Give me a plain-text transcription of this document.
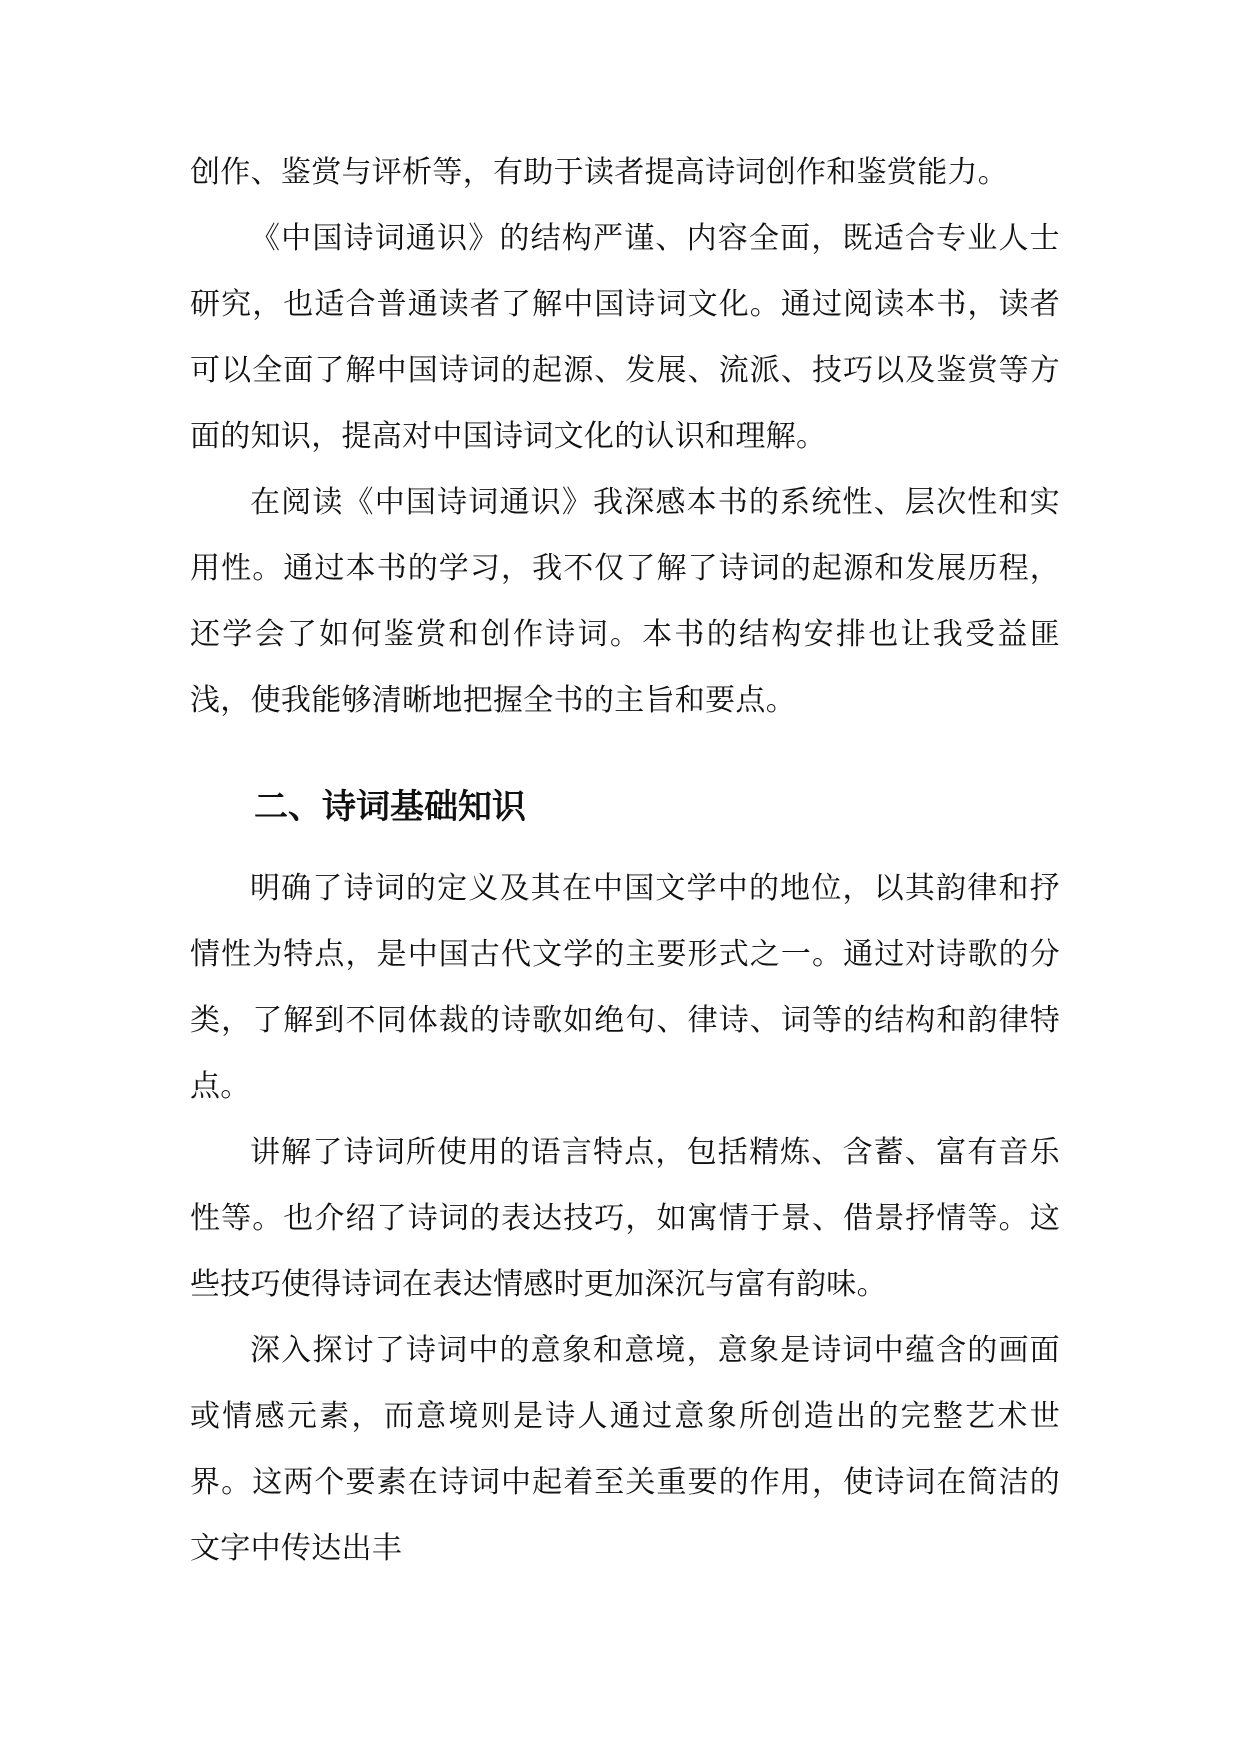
创作、鉴赏与评析等，有助于读者提高诗词创作和鉴赏能力。

《中国诗词通识》的结构严谨、内容全面，既适合专业人士研究，也适合普通读者了解中国诗词文化。通过阅读本书，读者可以全面了解中国诗词的起源、发展、流派、技巧以及鉴赏等方面的知识，提高对中国诗词文化的认识和理解。

在阅读《中国诗词通识》我深感本书的系统性、层次性和实用性。通过本书的学习，我不仅了解了诗词的起源和发展历程，还学会了如何鉴赏和创作诗词。本书的结构安排也让我受益匪浅，使我能够清晰地把握全书的主旨和要点。

二、诗词基础知识

明确了诗词的定义及其在中国文学中的地位，以其韵律和抒情性为特点，是中国古代文学的主要形式之一。通过对诗歌的分类，了解到不同体裁的诗歌如绝句、律诗、词等的结构和韵律特点。

讲解了诗词所使用的语言特点，包括精炼、含蓄、富有音乐性等。也介绍了诗词的表达技巧，如寓情于景、借景抒情等。这些技巧使得诗词在表达情感时更加深沉与富有韵味。

深入探讨了诗词中的意象和意境，意象是诗词中蕴含的画面或情感元素，而意境则是诗人通过意象所创造出的完整艺术世界。这两个要素在诗词中起着至关重要的作用，使诗词在简洁的文字中传达出丰
